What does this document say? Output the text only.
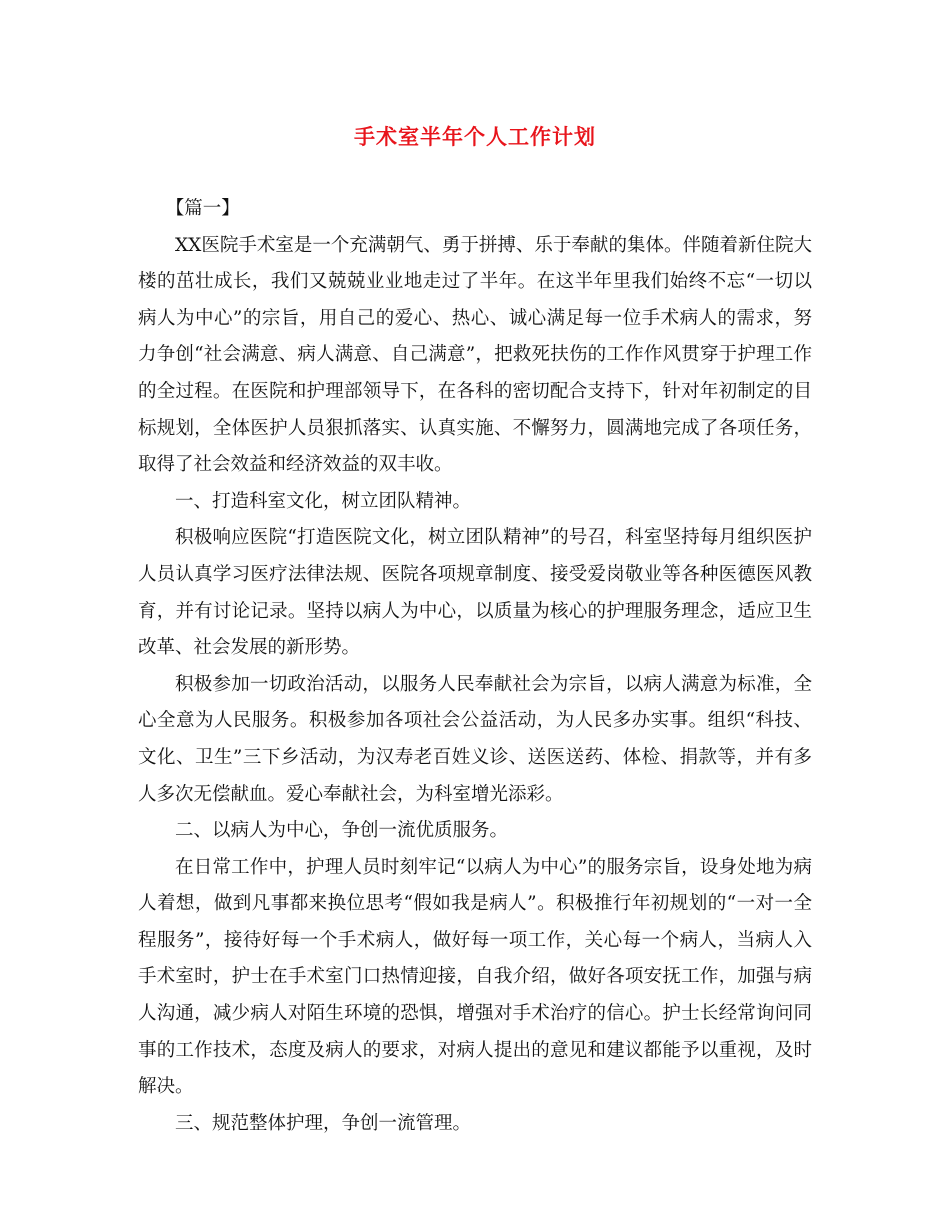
手术室半年个人工作计划

【篇一】

XX医院手术室是一个充满朝气、勇于拼搏、乐于奉献的集体。伴随着新住院大楼的茁壮成长，我们又兢兢业业地走过了半年。在这半年里我们始终不忘“一切以病人为中心”的宗旨，用自己的爱心、热心、诚心满足每一位手术病人的需求，努力争创“社会满意、病人满意、自己满意”，把救死扶伤的工作作风贯穿于护理工作的全过程。在医院和护理部领导下，在各科的密切配合支持下，针对年初制定的目标规划，全体医护人员狠抓落实、认真实施、不懈努力，圆满地完成了各项任务，取得了社会效益和经济效益的双丰收。

一、打造科室文化，树立团队精神。

积极响应医院“打造医院文化，树立团队精神”的号召，科室坚持每月组织医护人员认真学习医疗法律法规、医院各项规章制度、接受爱岗敬业等各种医德医风教育，并有讨论记录。坚持以病人为中心，以质量为核心的护理服务理念，适应卫生改革、社会发展的新形势。

积极参加一切政治活动，以服务人民奉献社会为宗旨，以病人满意为标准，全心全意为人民服务。积极参加各项社会公益活动，为人民多办实事。组织“科技、文化、卫生”三下乡活动，为汉寿老百姓义诊、送医送药、体检、捐款等，并有多人多次无偿献血。爱心奉献社会，为科室增光添彩。

二、以病人为中心，争创一流优质服务。

在日常工作中，护理人员时刻牢记“以病人为中心”的服务宗旨，设身处地为病人着想，做到凡事都来换位思考“假如我是病人”。积极推行年初规划的“一对一全程服务”，接待好每一个手术病人，做好每一项工作，关心每一个病人，当病人入手术室时，护士在手术室门口热情迎接，自我介绍，做好各项安抚工作，加强与病人沟通，减少病人对陌生环境的恐惧，增强对手术治疗的信心。护士长经常询问同事的工作技术，态度及病人的要求，对病人提出的意见和建议都能予以重视，及时解决。

三、规范整体护理，争创一流管理。
